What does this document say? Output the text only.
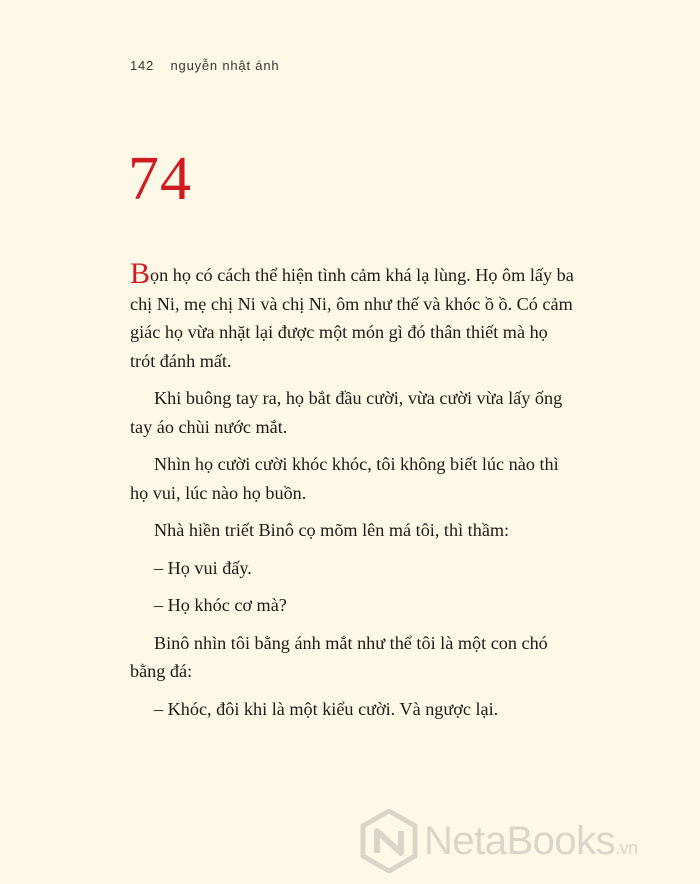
142 nguyễn nhật ánh
74

Bọn họ có cách thể hiện tình cảm khá lạ lùng. Họ ôm lấy ba chị Ni, mẹ chị Ni và chị Ni, ôm như thế và khóc ồ ồ. Có cảm giác họ vừa nhặt lại được một món gì đó thân thiết mà họ trót đánh mất.

Khi buông tay ra, họ bắt đầu cười, vừa cười vừa lấy ống tay áo chùi nước mắt.

Nhìn họ cười cười khóc khóc, tôi không biết lúc nào thì họ vui, lúc nào họ buồn.

Nhà hiền triết Binô cọ mõm lên má tôi, thì thầm:

– Họ vui đấy.

– Họ khóc cơ mà?

Binô nhìn tôi bằng ánh mắt như thể tôi là một con chó bằng đá:

– Khóc, đôi khi là một kiểu cười. Và ngược lại.

NetaBooks.vn
